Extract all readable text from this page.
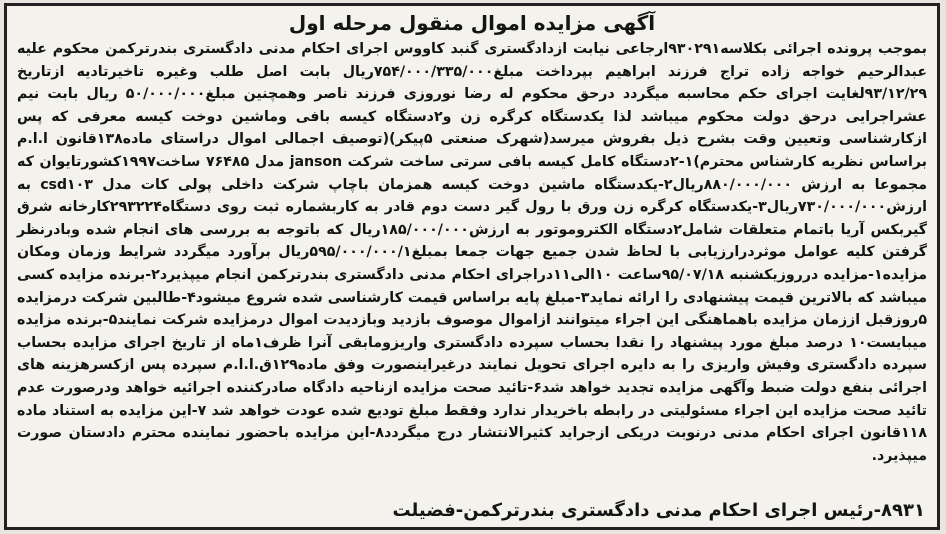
آگهی مزایده اموال منقول مرحله اول

بموجب پرونده اجرائی بکلاسه۹۳۰۲۹۱ارجاعی نیابت ازدادگستری گنبد کاووس اجرای احکام مدنی دادگستری بندرترکمن محکوم علیه عبدالرحیم خواجه زاده تراج فرزند ابراهیم بپرداخت مبلغ۷۵۴/۰۰۰/۳۳۵/۰۰۰ریال بابت اصل طلب وغیره تاخیرتادیه ازتاریخ ۹۳/۱۲/۲۹لغایت اجرای حکم محاسبه میگردد درحق محکوم له رضا نوروزی فرزند ناصر وهمچنین مبلغ۵۰/۰۰۰/۰۰۰ ریال بابت نیم عشراجرایی درحق دولت محکوم میباشد لذا یکدستگاه کرگره زن و۲دستگاه کیسه بافی وماشین دوخت کیسه معرفی که پس ازکارشناسی وتعیین وقت بشرح ذیل بفروش میرسد(شهرک صنعتی ۵پیکر)(توصیف اجمالی اموال دراستای ماده۱۳۸قانون ا.ا.م براساس نظریه کارشناس محترم)۱-۲دستگاه کامل کیسه بافی سرتی ساخت شرکت janson مدل ۷۶۴۸۵ ساخت۱۹۹۷کشورتایوان که مجموعا به ارزش ۸۸۰/۰۰۰/۰۰۰ریال۲-یکدستگاه ماشین دوخت کیسه همزمان باچاپ شرکت داخلی پولی کات مدل csd۱۰۳ به ارزش۷۳۰/۰۰۰/۰۰۰ریال۳-یکدستگاه کرگره زن ورق با رول گیر دست دوم قادر به کاربشماره ثبت روی دستگاه۲۹۳۲۲۴کارخانه شرق گیربکس آریا باتمام متعلقات شامل۲دستگاه الکتروموتور به ارزش۱۸۵/۰۰۰/۰۰۰ریال که باتوجه به بررسی های انجام شده وبادرنظر گرفتن کلیه عوامل موثردرارزیابی با لحاظ شدن جمیع جهات جمعا بمبلغ۵۹۵/۰۰۰/۰۰۰/۱ریال برآورد میگردد شرایط وزمان ومکان مزایده۱-مزایده درروزیکشنبه ۹۵/۰۷/۱۸ساعت ۱۰الی۱۱دراجرای احکام مدنی دادگستری بندرترکمن انجام میپذیرد۲-برنده مزایده کسی میباشد که بالاترین قیمت پیشنهادی را ارائه نماید۳-مبلغ پایه براساس قیمت کارشناسی شده شروع میشود۴-طالبین شرکت درمزایده ۵روزقبل اززمان مزایده باهماهنگی این اجراء میتوانند ازاموال موصوف بازدید وبازدیدت اموال درمزایده شرکت نمایند۵-برنده مزایده میبایست۱۰ درصد مبلغ مورد پیشنهاد را نقدا بحساب سپرده دادگستری واریزومابقی آنرا ظرف۱ماه از تاریخ اجرای مزایده بحساب سپرده دادگستری وفیش واریزی را به دایره اجرای تحویل نمایند درغیراینصورت وفق ماده۱۲۹ق.ا.ا.م سپرده پس ازکسرهزینه های اجرائی بنفع دولت ضبط وآگهی مزایده تجدید خواهد شد۶-تائید صحت مزایده ازناحیه دادگاه صادرکننده اجرائیه خواهد ودرصورت عدم تائید صحت مزایده این اجراء مسئولیتی در رابطه باخریدار ندارد وفقط مبلغ تودیع شده عودت خواهد شد ۷-این مزایده به استناد ماده ۱۱۸قانون اجرای احکام مدنی درنوبت دریکی ازجراید کثیرالانتشار درج میگردد۸-این مزایده باحضور نماینده محترم دادستان صورت میپذیرد.

۸۹۳۱-رئیس اجرای احکام مدنی دادگستری بندرترکمن-فضیلت
